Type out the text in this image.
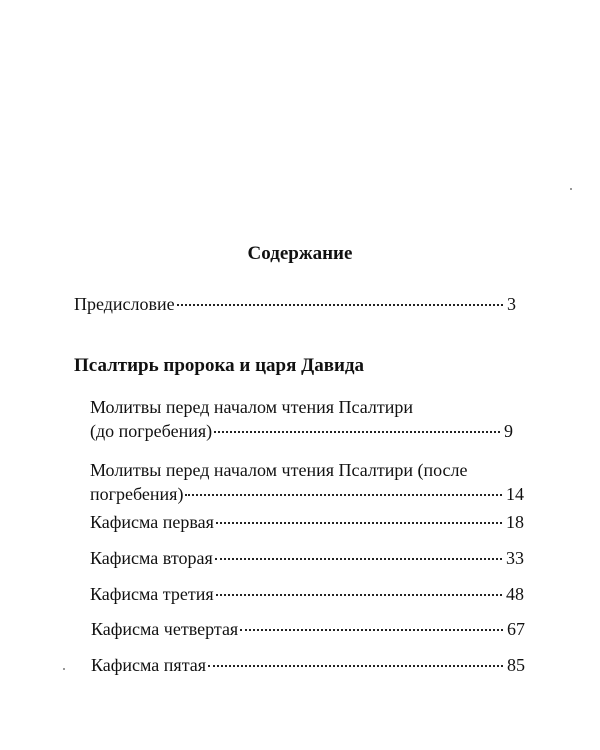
Содержание
Предисловие	3
Псалтирь пророка и царя Давида
Молитвы перед началом чтения Псалтири
(до погребения)	9
Молитвы перед началом чтения Псалтири (после
погребения)	14
Кафисма первая	18
Кафисма вторая	33
Кафисма третия	48
Кафисма четвертая	67
Кафисма пятая	85
